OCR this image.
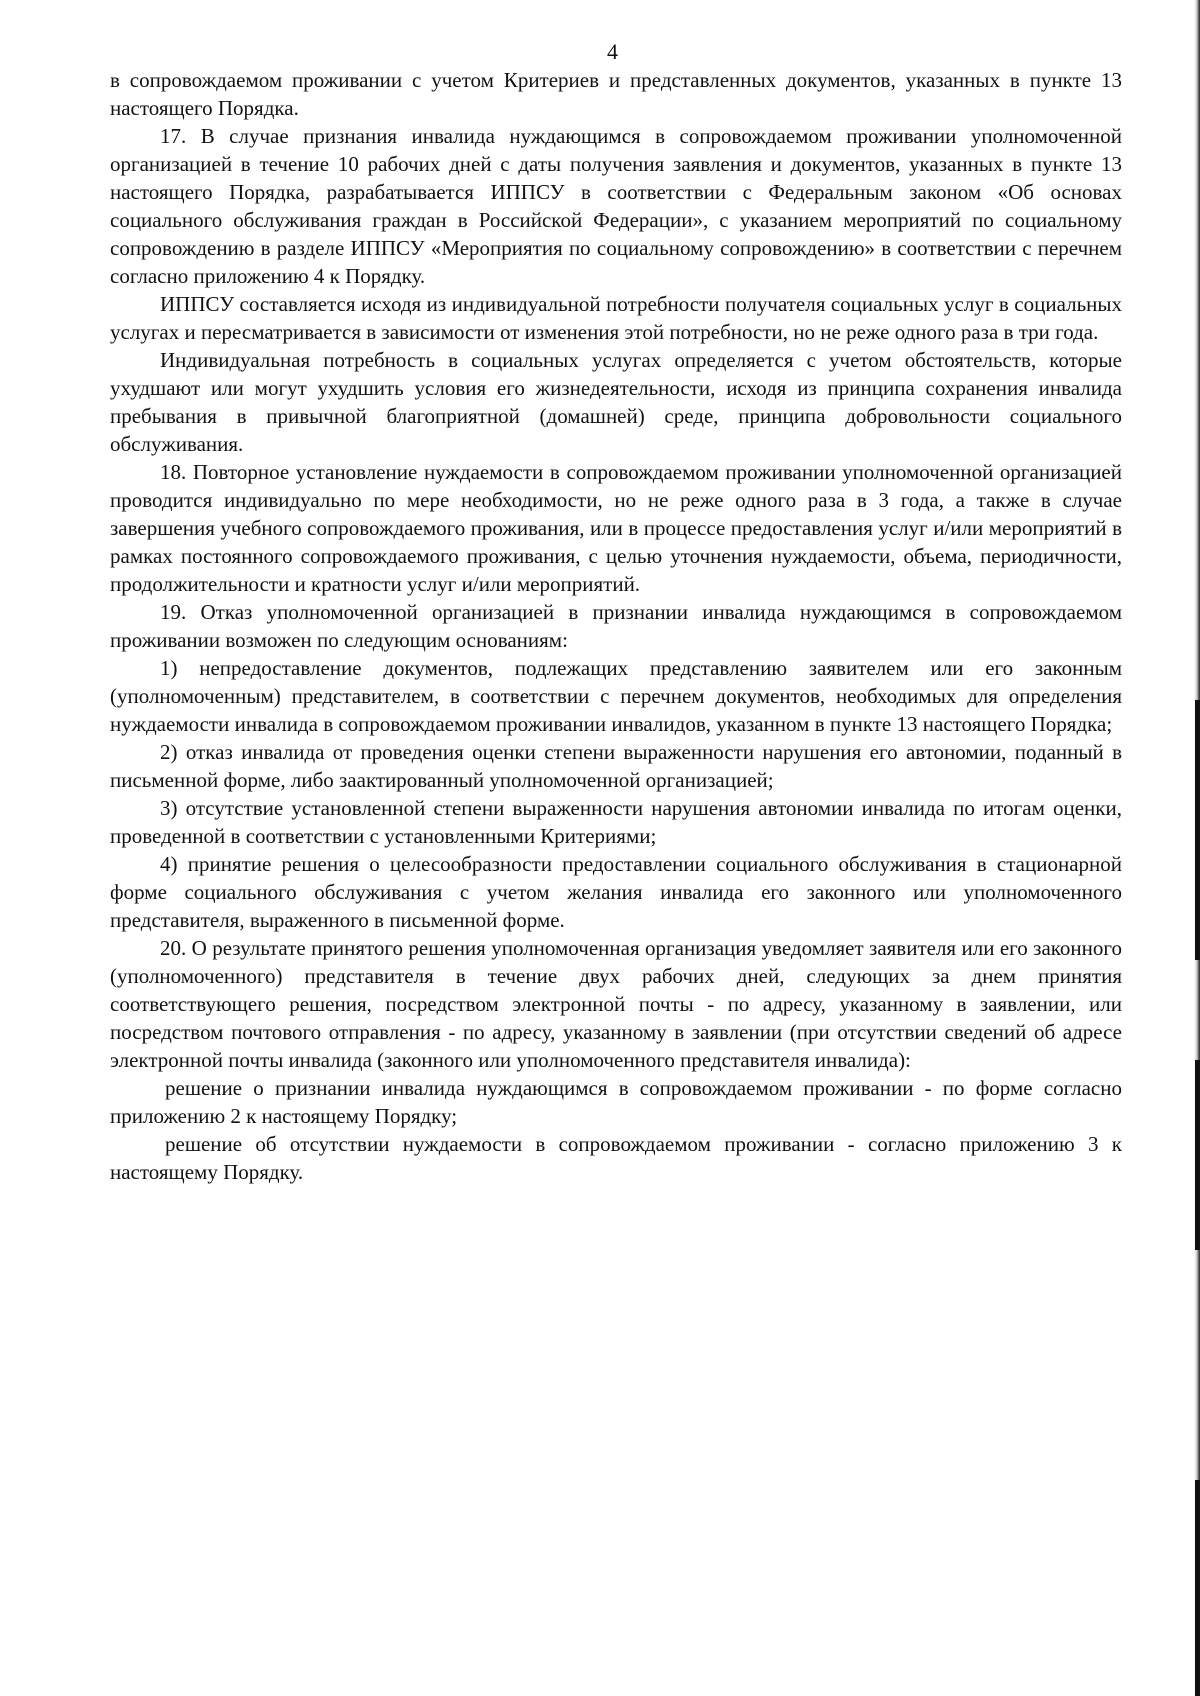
4

в сопровождаемом проживании с учетом Критериев и представленных документов, указанных в пункте 13 настоящего Порядка.

17. В случае признания инвалида нуждающимся в сопровождаемом проживании уполномоченной организацией в течение 10 рабочих дней с даты получения заявления и документов, указанных в пункте 13 настоящего Порядка, разрабатывается ИППСУ в соответствии с Федеральным законом «Об основах социального обслуживания граждан в Российской Федерации», с указанием мероприятий по социальному сопровождению в разделе ИППСУ «Мероприятия по социальному сопровождению» в соответствии с перечнем согласно приложению 4 к Порядку.

ИППСУ составляется исходя из индивидуальной потребности получателя социальных услуг в социальных услугах и пересматривается в зависимости от изменения этой потребности, но не реже одного раза в три года.

Индивидуальная потребность в социальных услугах определяется с учетом обстоятельств, которые ухудшают или могут ухудшить условия его жизнедеятельности, исходя из принципа сохранения инвалида пребывания в привычной благоприятной (домашней) среде, принципа добровольности социального обслуживания.

18. Повторное установление нуждаемости в сопровождаемом проживании уполномоченной организацией проводится индивидуально по мере необходимости, но не реже одного раза в 3 года, а также в случае завершения учебного сопровождаемого проживания, или в процессе предоставления услуг и/или мероприятий в рамках постоянного сопровождаемого проживания, с целью уточнения нуждаемости, объема, периодичности, продолжительности и кратности услуг и/или мероприятий.

19. Отказ уполномоченной организацией в признании инвалида нуждающимся в сопровождаемом проживании возможен по следующим основаниям:

1) непредоставление документов, подлежащих представлению заявителем или его законным (уполномоченным) представителем, в соответствии с перечнем документов, необходимых для определения нуждаемости инвалида в сопровождаемом проживании инвалидов, указанном в пункте 13 настоящего Порядка;

2) отказ инвалида от проведения оценки степени выраженности нарушения его автономии, поданный в письменной форме, либо заактированный уполномоченной организацией;

3) отсутствие установленной степени выраженности нарушения автономии инвалида по итогам оценки, проведенной в соответствии с установленными Критериями;

4) принятие решения о целесообразности предоставлении социального обслуживания в стационарной форме социального обслуживания с учетом желания инвалида его законного или уполномоченного представителя, выраженного в письменной форме.

20. О результате принятого решения уполномоченная организация уведомляет заявителя или его законного (уполномоченного) представителя в течение двух рабочих дней, следующих за днем принятия соответствующего решения, посредством электронной почты - по адресу, указанному в заявлении, или посредством почтового отправления - по адресу, указанному в заявлении (при отсутствии сведений об адресе электронной почты инвалида (законного или уполномоченного представителя инвалида):

решение о признании инвалида нуждающимся в сопровождаемом проживании - по форме согласно приложению 2 к настоящему Порядку;

решение об отсутствии нуждаемости в сопровождаемом проживании - согласно приложению 3 к настоящему Порядку.
